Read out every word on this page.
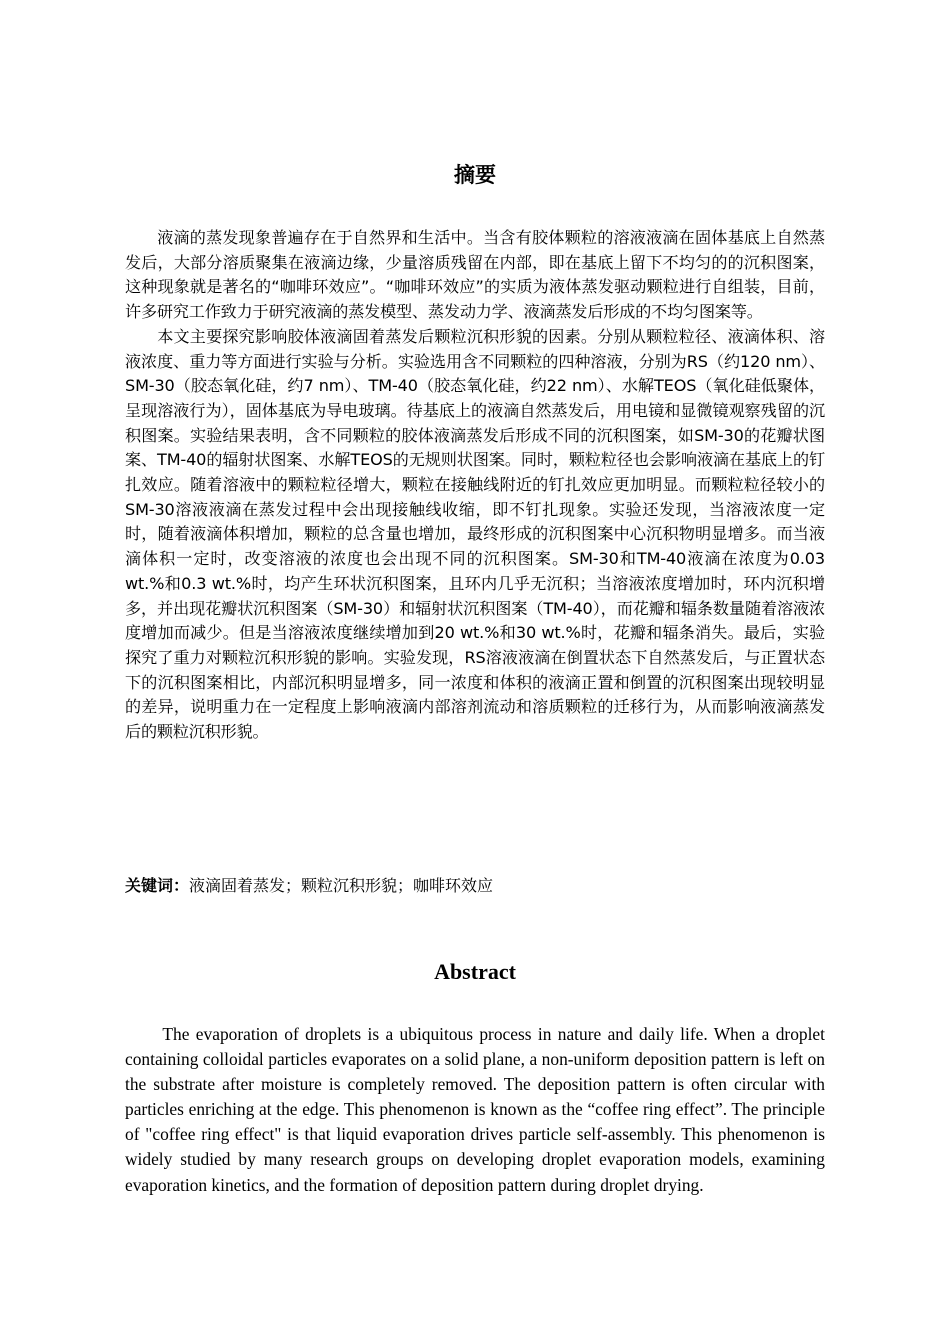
摘要

液滴的蒸发现象普遍存在于自然界和生活中。当含有胶体颗粒的溶液液滴在固体基底上自然蒸发后，大部分溶质聚集在液滴边缘，少量溶质残留在内部，即在基底上留下不均匀的的沉积图案，这种现象就是著名的“咖啡环效应”。“咖啡环效应”的实质为液体蒸发驱动颗粒进行自组装，目前，许多研究工作致力于研究液滴的蒸发模型、蒸发动力学、液滴蒸发后形成的不均匀图案等。

本文主要探究影响胶体液滴固着蒸发后颗粒沉积形貌的因素。分别从颗粒粒径、液滴体积、溶液浓度、重力等方面进行实验与分析。实验选用含不同颗粒的四种溶液，分别为RS（约120 nm）、SM-30（胶态氧化硅，约7 nm）、TM-40（胶态氧化硅，约22 nm）、水解TEOS（氧化硅低聚体，呈现溶液行为），固体基底为导电玻璃。待基底上的液滴自然蒸发后，用电镜和显微镜观察残留的沉积图案。实验结果表明，含不同颗粒的胶体液滴蒸发后形成不同的沉积图案，如SM-30的花瓣状图案、TM-40的辐射状图案、水解TEOS的无规则状图案。同时，颗粒粒径也会影响液滴在基底上的钉扎效应。随着溶液中的颗粒粒径增大，颗粒在接触线附近的钉扎效应更加明显。而颗粒粒径较小的SM-30溶液液滴在蒸发过程中会出现接触线收缩，即不钉扎现象。实验还发现，当溶液浓度一定时，随着液滴体积增加，颗粒的总含量也增加，最终形成的沉积图案中心沉积物明显增多。而当液滴体积一定时，改变溶液的浓度也会出现不同的沉积图案。SM-30和TM-40液滴在浓度为0.03 wt.%和0.3 wt.%时，均产生环状沉积图案，且环内几乎无沉积；当溶液浓度增加时，环内沉积增多，并出现花瓣状沉积图案（SM-30）和辐射状沉积图案（TM-40），而花瓣和辐条数量随着溶液浓度增加而减少。但是当溶液浓度继续增加到20 wt.%和30 wt.%时，花瓣和辐条消失。最后，实验探究了重力对颗粒沉积形貌的影响。实验发现，RS溶液液滴在倒置状态下自然蒸发后，与正置状态下的沉积图案相比，内部沉积明显增多，同一浓度和体积的液滴正置和倒置的沉积图案出现较明显的差异，说明重力在一定程度上影响液滴内部溶剂流动和溶质颗粒的迁移行为，从而影响液滴蒸发后的颗粒沉积形貌。

关键词：液滴固着蒸发；颗粒沉积形貌；咖啡环效应
Abstract

The evaporation of droplets is a ubiquitous process in nature and daily life. When a droplet containing colloidal particles evaporates on a solid plane, a non-uniform deposition pattern is left on the substrate after moisture is completely removed. The deposition pattern is often circular with particles enriching at the edge. This phenomenon is known as the “coffee ring effect”. The principle of "coffee ring effect" is that liquid evaporation drives particle self-assembly. This phenomenon is widely studied by many research groups on developing droplet evaporation models, examining evaporation kinetics, and the formation of deposition pattern during droplet drying.
